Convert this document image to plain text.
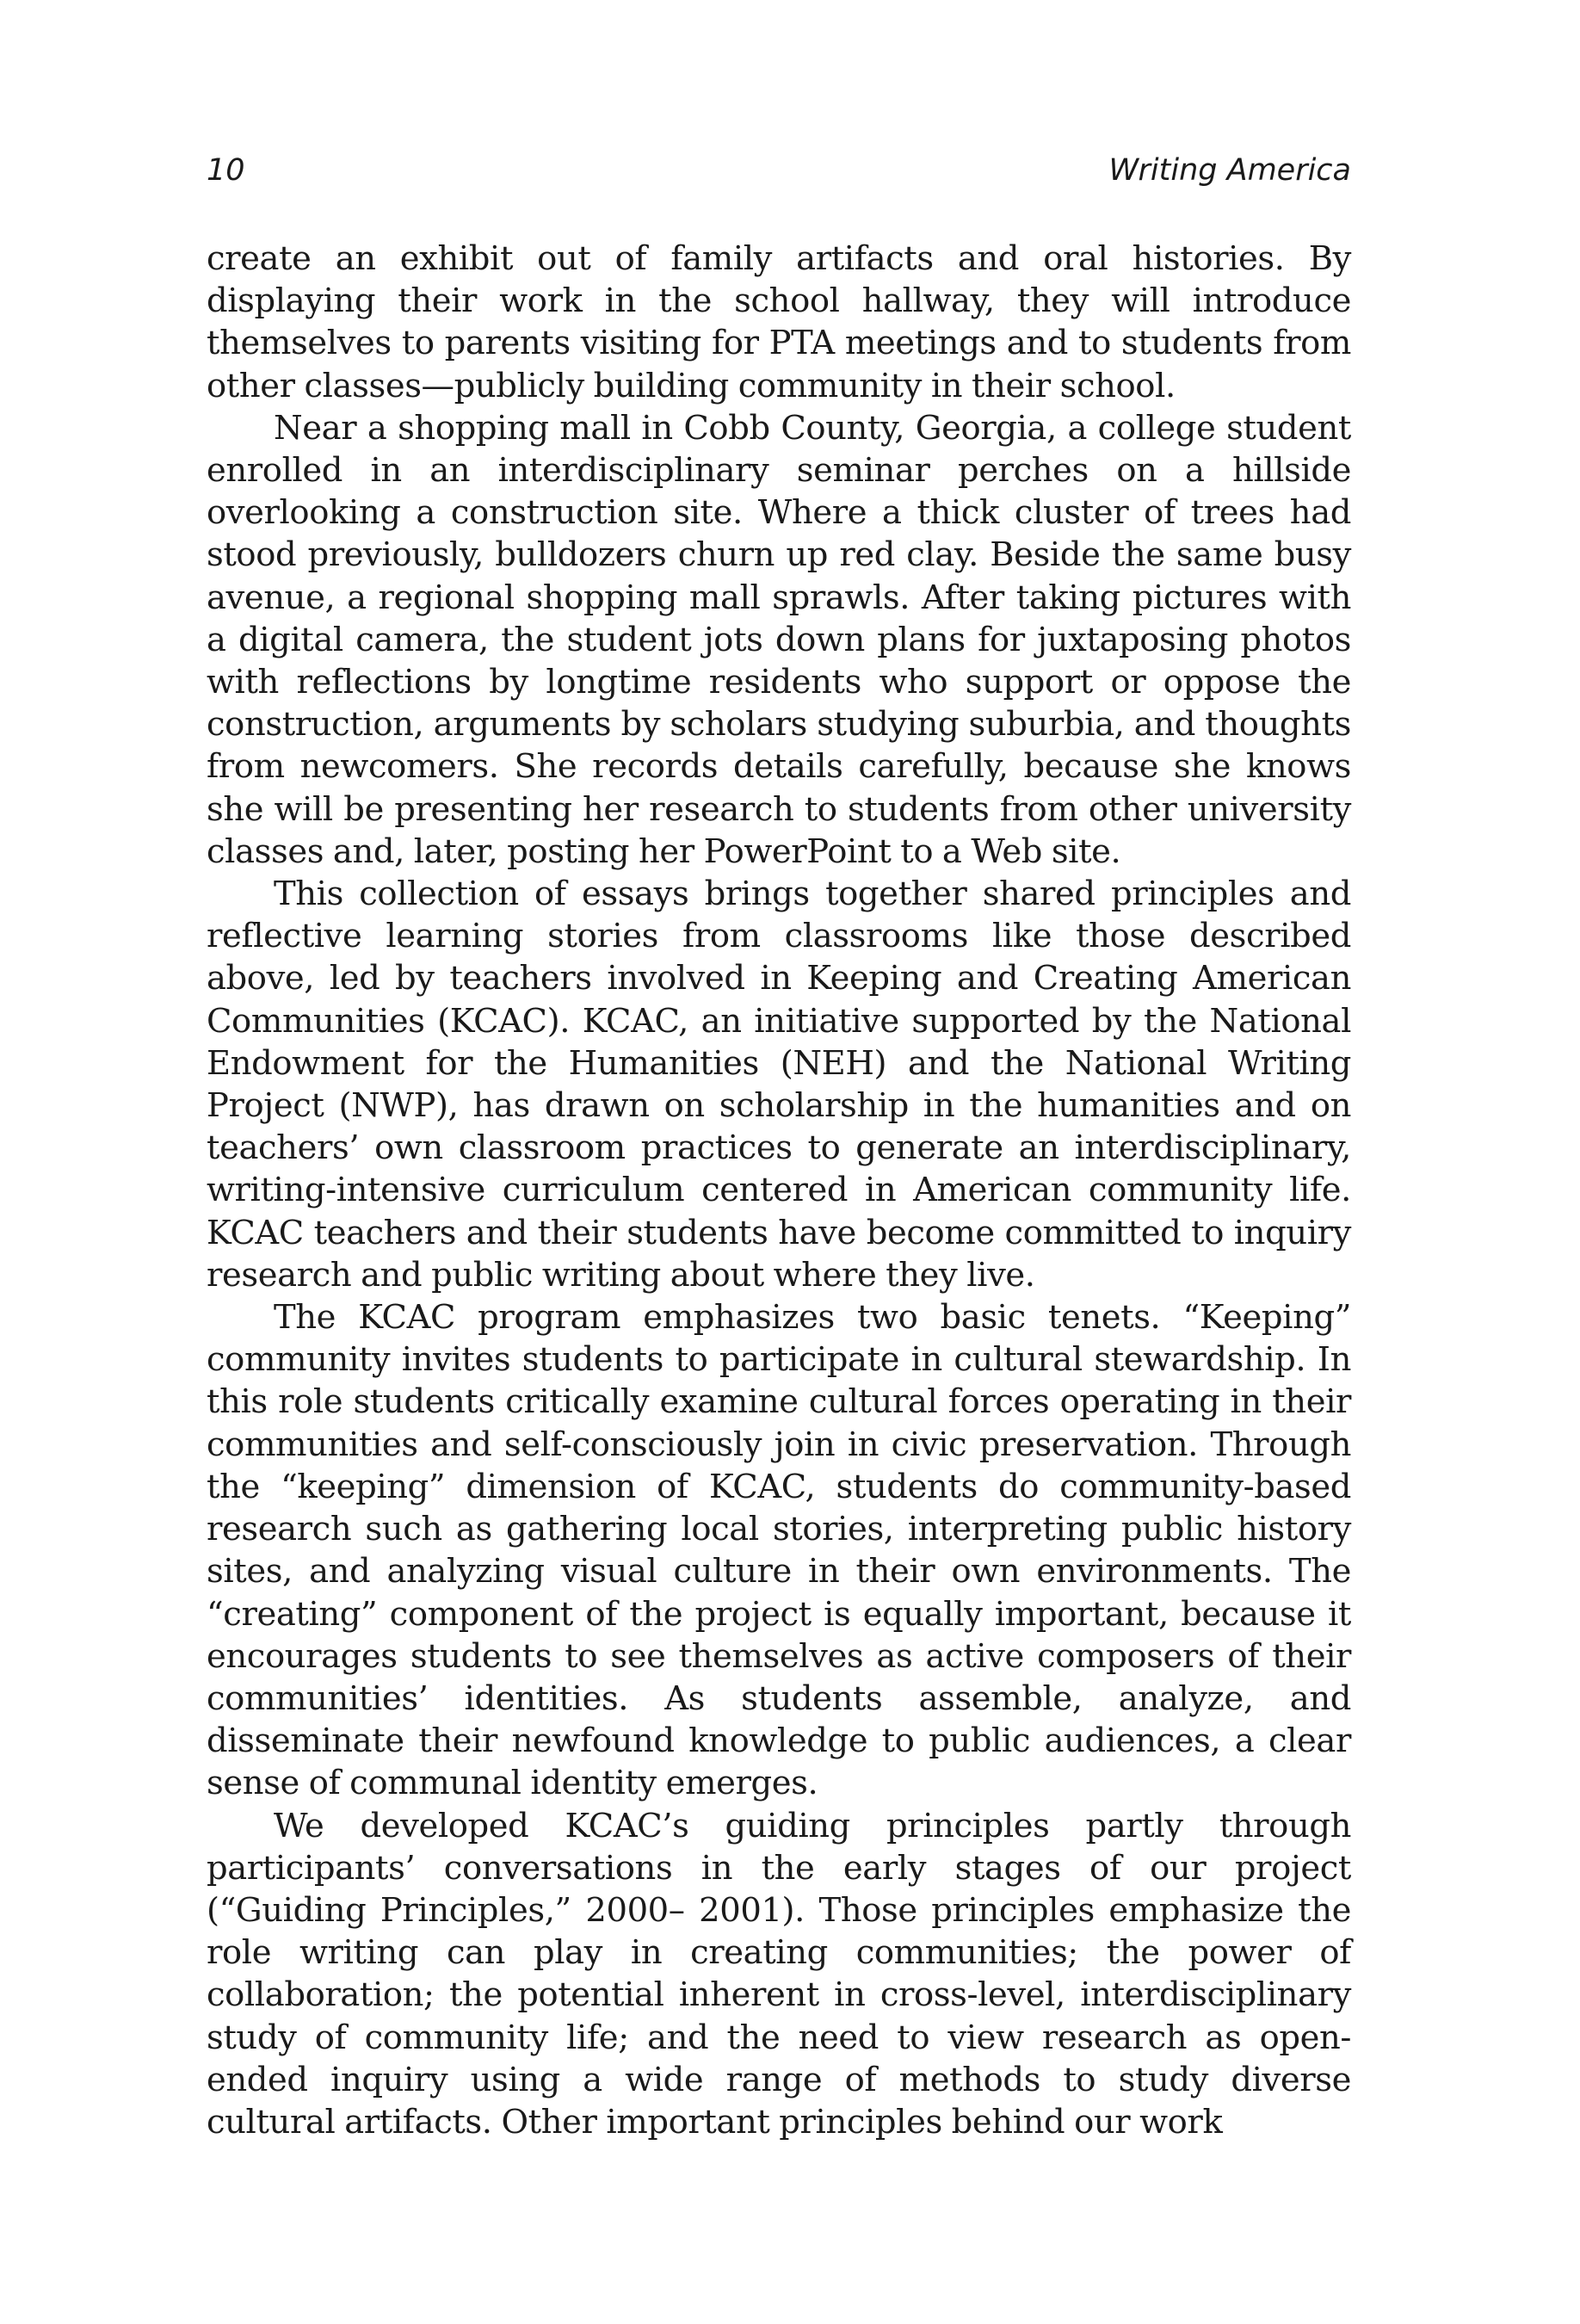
10	Writing America

create an exhibit out of family artifacts and oral histories. By displaying their work in the school hallway, they will introduce themselves to parents visiting for PTA meetings and to students from other classes—publicly building community in their school.

Near a shopping mall in Cobb County, Georgia, a college student enrolled in an interdisciplinary seminar perches on a hillside overlooking a construction site. Where a thick cluster of trees had stood previously, bulldozers churn up red clay. Beside the same busy avenue, a regional shopping mall sprawls. After taking pictures with a digital camera, the student jots down plans for juxtaposing photos with reflections by longtime residents who support or oppose the construction, arguments by scholars studying suburbia, and thoughts from newcomers. She records details carefully, because she knows she will be presenting her research to students from other university classes and, later, posting her PowerPoint to a Web site.

This collection of essays brings together shared principles and reflective learning stories from classrooms like those described above, led by teachers involved in Keeping and Creating American Communities (KCAC). KCAC, an initiative supported by the National Endowment for the Humanities (NEH) and the National Writing Project (NWP), has drawn on scholarship in the humanities and on teachers’ own classroom practices to generate an interdisciplinary, writing-intensive curriculum centered in American community life. KCAC teachers and their students have become committed to inquiry research and public writing about where they live.

The KCAC program emphasizes two basic tenets. “Keeping” community invites students to participate in cultural stewardship. In this role students critically examine cultural forces operating in their communities and self-consciously join in civic preservation. Through the “keeping” dimension of KCAC, students do community-based research such as gathering local stories, interpreting public history sites, and analyzing visual culture in their own environments. The “creating” component of the project is equally important, because it encourages students to see themselves as active composers of their communities’ identities. As students assemble, analyze, and disseminate their newfound knowledge to public audiences, a clear sense of communal identity emerges.

We developed KCAC’s guiding principles partly through participants’ conversations in the early stages of our project (“Guiding Principles,” 2000– 2001). Those principles emphasize the role writing can play in creating communities; the power of collaboration; the potential inherent in cross-level, interdisciplinary study of community life; and the need to view research as open-ended inquiry using a wide range of methods to study diverse cultural artifacts. Other important principles behind our work
